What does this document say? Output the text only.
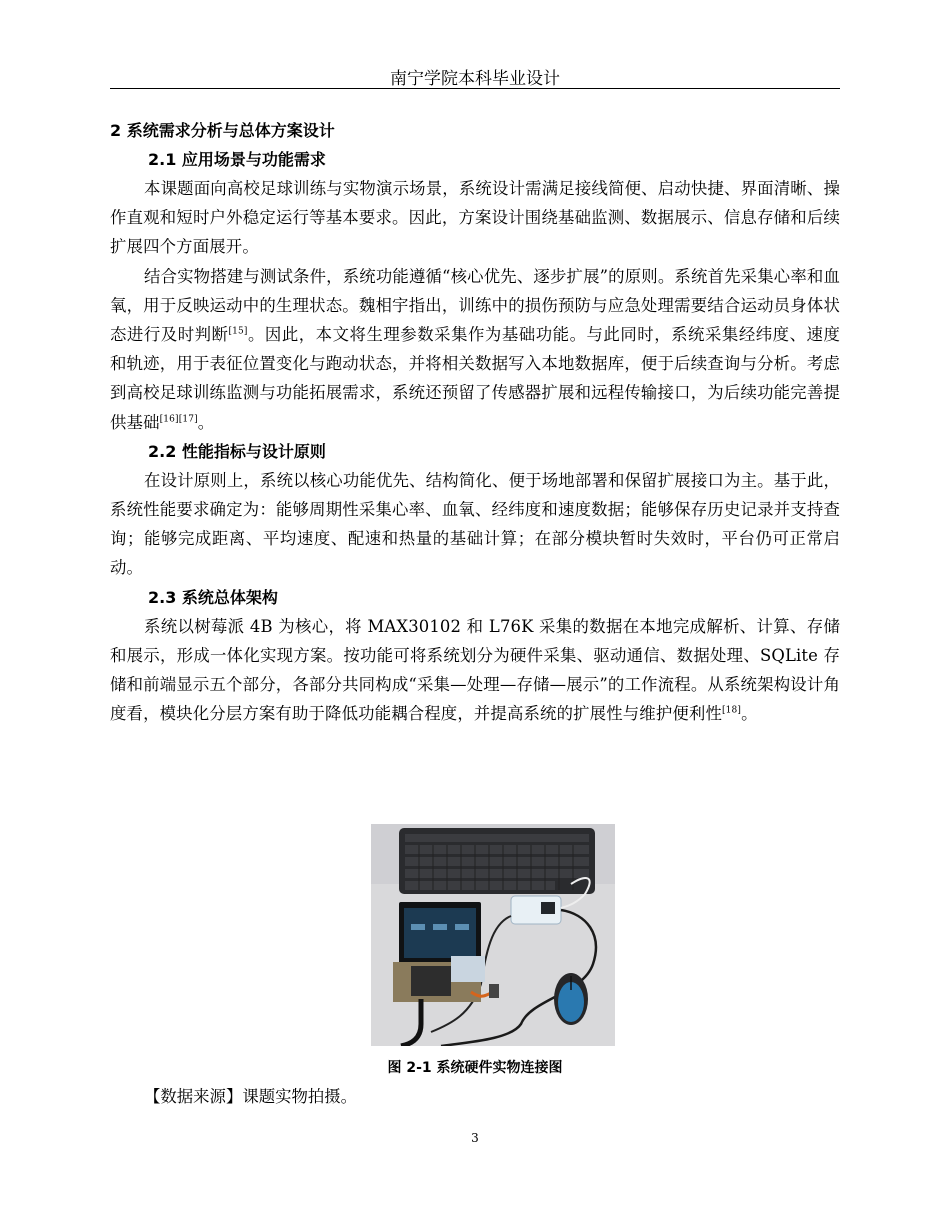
南宁学院本科毕业设计

2 系统需求分析与总体方案设计

2.1 应用场景与功能需求

本课题面向高校足球训练与实物演示场景，系统设计需满足接线简便、启动快捷、界面清晰、操作直观和短时户外稳定运行等基本要求。因此，方案设计围绕基础监测、数据展示、信息存储和后续扩展四个方面展开。

结合实物搭建与测试条件，系统功能遵循“核心优先、逐步扩展”的原则。系统首先采集心率和血氧，用于反映运动中的生理状态。魏相宇指出，训练中的损伤预防与应急处理需要结合运动员身体状态进行及时判断[15]。因此，本文将生理参数采集作为基础功能。与此同时，系统采集经纬度、速度和轨迹，用于表征位置变化与跑动状态，并将相关数据写入本地数据库，便于后续查询与分析。考虑到高校足球训练监测与功能拓展需求，系统还预留了传感器扩展和远程传输接口，为后续功能完善提供基础[16][17]。

2.2 性能指标与设计原则

在设计原则上，系统以核心功能优先、结构简化、便于场地部署和保留扩展接口为主。基于此，系统性能要求确定为：能够周期性采集心率、血氧、经纬度和速度数据；能够保存历史记录并支持查询；能够完成距离、平均速度、配速和热量的基础计算；在部分模块暂时失效时，平台仍可正常启动。

2.3 系统总体架构

系统以树莓派 4B 为核心，将 MAX30102 和 L76K 采集的数据在本地完成解析、计算、存储和展示，形成一体化实现方案。按功能可将系统划分为硬件采集、驱动通信、数据处理、SQLite 存储和前端显示五个部分，各部分共同构成“采集—处理—存储—展示”的工作流程。从系统架构设计角度看，模块化分层方案有助于降低功能耦合程度，并提高系统的扩展性与维护便利性[18]。

图 2-1 系统硬件实物连接图
【数据来源】课题实物拍摄。
3
